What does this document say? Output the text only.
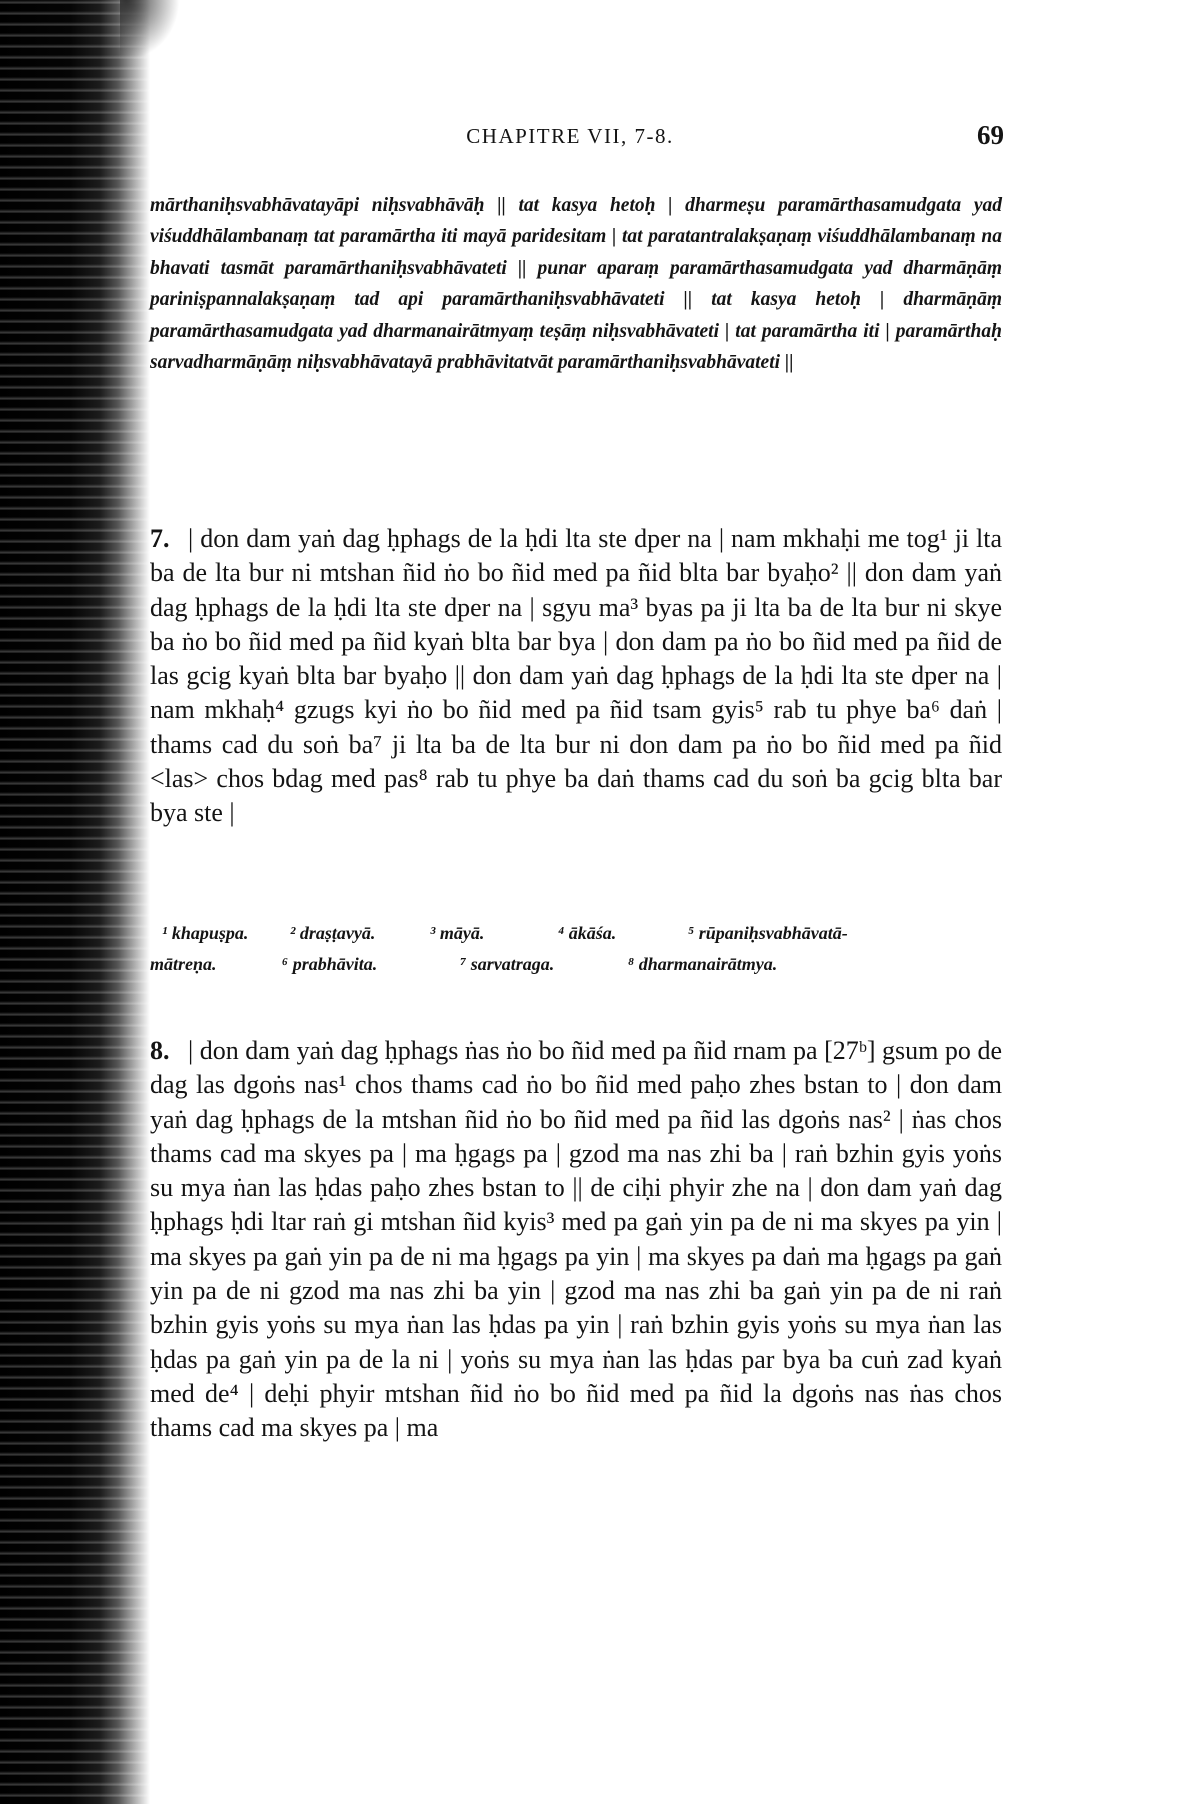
CHAPITRE VII, 7-8.	69
mārthaniḥsvabhāvatayāpi niḥsvabhāvāḥ || tat kasya hetoḥ | dharmeṣu paramārthasamudgata yad viśuddhālambanaṃ tat paramārtha iti mayā paridesitam | tat paratantralakṣaṇaṃ viśuddhālambanaṃ na bhavati tasmāt paramārthaniḥsvabhāvateti || punar aparaṃ paramārthasamudgata yad dharmāṇāṃ pariniṣpannalakṣaṇaṃ tad api paramārthaniḥsvabhāvateti || tat kasya hetoḥ | dharmāṇāṃ paramārthasamudgata yad dharmanairātmyaṃ teṣāṃ niḥsvabhāvateti | tat paramārtha iti | paramārthaḥ sarvadharmāṇāṃ niḥsvabhāvatayā prabhāvitatvāt paramārthaniḥsvabhāvateti ||

7. | don dam yaṅ dag ḥphags de la ḥdi lta ste dper na | nam mkhaḥi me tog¹ ji lta ba de lta bur ni mtshan ñid ṅo bo ñid med pa ñid blta bar byaḥo² || don dam yaṅ dag ḥphags de la ḥdi lta ste dper na | sgyu ma³ byas pa ji lta ba de lta bur ni skye ba ṅo bo ñid med pa ñid kyaṅ blta bar bya | don dam pa ṅo bo ñid med pa ñid de las gcig kyaṅ blta bar byaḥo || don dam yaṅ dag ḥphags de la ḥdi lta ste dper na | nam mkhaḥ⁴ gzugs kyi ṅo bo ñid med pa ñid tsam gyis⁵ rab tu phye ba⁶ daṅ | thams cad du soṅ ba⁷ ji lta ba de lta bur ni don dam pa ṅo bo ñid med pa ñid <las> chos bdag med pas⁸ rab tu phye ba daṅ thams cad du soṅ ba gcig blta bar bya ste |

¹ khapuṣpa.	² draṣṭavyā.	³ māyā.	⁴ ākāśa.	⁵ rūpaniḥsvabhāvatā-
mātreṇa.	⁶ prabhāvita.	⁷ sarvatraga.	⁸ dharmanairātmya.

8. | don dam yaṅ dag ḥphags ṅas ṅo bo ñid med pa ñid rnam pa [27ᵇ] gsum po de dag las dgoṅs nas¹ chos thams cad ṅo bo ñid med paḥo zhes bstan to | don dam yaṅ dag ḥphags de la mtshan ñid ṅo bo ñid med pa ñid las dgoṅs nas² | ṅas chos thams cad ma skyes pa | ma ḥgags pa | gzod ma nas zhi ba | raṅ bzhin gyis yoṅs su mya ṅan las ḥdas paḥo zhes bstan to || de ciḥi phyir zhe na | don dam yaṅ dag ḥphags ḥdi ltar raṅ gi mtshan ñid kyis³ med pa gaṅ yin pa de ni ma skyes pa yin | ma skyes pa gaṅ yin pa de ni ma ḥgags pa yin | ma skyes pa daṅ ma ḥgags pa gaṅ yin pa de ni gzod ma nas zhi ba yin | gzod ma nas zhi ba gaṅ yin pa de ni raṅ bzhin gyis yoṅs su mya ṅan las ḥdas pa yin | raṅ bzhin gyis yoṅs su mya ṅan las ḥdas pa gaṅ yin pa de la ni | yoṅs su mya ṅan las ḥdas par bya ba cuṅ zad kyaṅ med de⁴ | deḥi phyir mtshan ñid ṅo bo ñid med pa ñid la dgoṅs nas ṅas chos thams cad ma skyes pa | ma
